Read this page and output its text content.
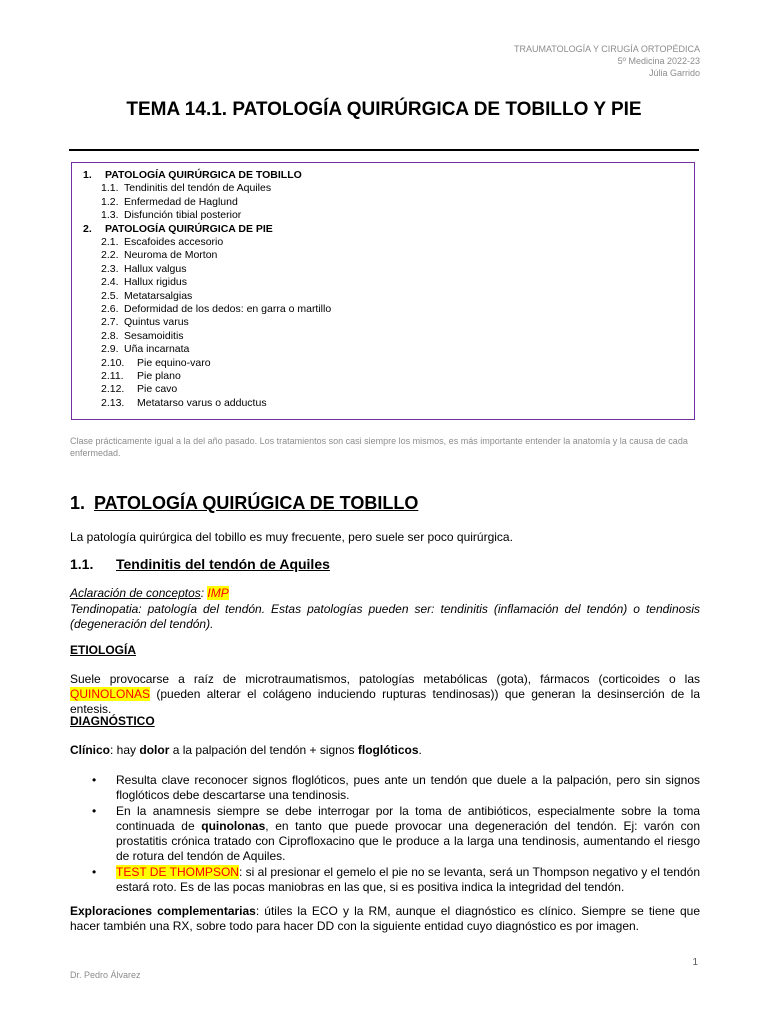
TRAUMATOLOGÍA Y CIRUGÍA ORTOPÉDICA
5º Medicina 2022-23
Júlia Garrido
TEMA 14.1. PATOLOGÍA QUIRÚRGICA DE TOBILLO Y PIE
1. PATOLOGÍA QUIRÚRGICA DE TOBILLO
1.1. Tendinitis del tendón de Aquiles
1.2. Enfermedad de Haglund
1.3. Disfunción tibial posterior
2. PATOLOGÍA QUIRÚRGICA DE PIE
2.1. Escafoides accesorio
2.2. Neuroma de Morton
2.3. Hallux valgus
2.4. Hallux rigidus
2.5. Metatarsalgias
2.6. Deformidad de los dedos: en garra o martillo
2.7. Quintus varus
2.8. Sesamoiditis
2.9. Uña incarnata
2.10. Pie equino-varo
2.11. Pie plano
2.12. Pie cavo
2.13. Metatarso varus o adductus
Clase prácticamente igual a la del año pasado. Los tratamientos son casi siempre los mismos, es más importante entender la anatomía y la causa de cada enfermedad.
1. PATOLOGÍA QUIRÚGICA DE TOBILLO
La patología quirúrgica del tobillo es muy frecuente, pero suele ser poco quirúrgica.
1.1. Tendinitis del tendón de Aquiles
Aclaración de conceptos: IMP
Tendinopatia: patología del tendón. Estas patologías pueden ser: tendinitis (inflamación del tendón) o tendinosis (degeneración del tendón).
ETIOLOGÍA
Suele provocarse a raíz de microtraumatismos, patologías metabólicas (gota), fármacos (corticoides o las QUINOLONAS (pueden alterar el colágeno induciendo rupturas tendinosas)) que generan la desinserción de la entesis.
DIAGNÓSTICO
Clínico: hay dolor a la palpación del tendón + signos floglóticos.
• Resulta clave reconocer signos floglóticos, pues ante un tendón que duele a la palpación, pero sin signos floglóticos debe descartarse una tendinosis.
• En la anamnesis siempre se debe interrogar por la toma de antibióticos, especialmente sobre la toma continuada de quinolonas, en tanto que puede provocar una degeneración del tendón. Ej: varón con prostatitis crónica tratado con Ciprofloxacino que le produce a la larga una tendinosis, aumentando el riesgo de rotura del tendón de Aquiles.
• TEST DE THOMPSON: si al presionar el gemelo el pie no se levanta, será un Thompson negativo y el tendón estará roto. Es de las pocas maniobras en las que, si es positiva indica la integridad del tendón.
Exploraciones complementarias: útiles la ECO y la RM, aunque el diagnóstico es clínico. Siempre se tiene que hacer también una RX, sobre todo para hacer DD con la siguiente entidad cuyo diagnóstico es por imagen.
1
Dr. Pedro Álvarez
